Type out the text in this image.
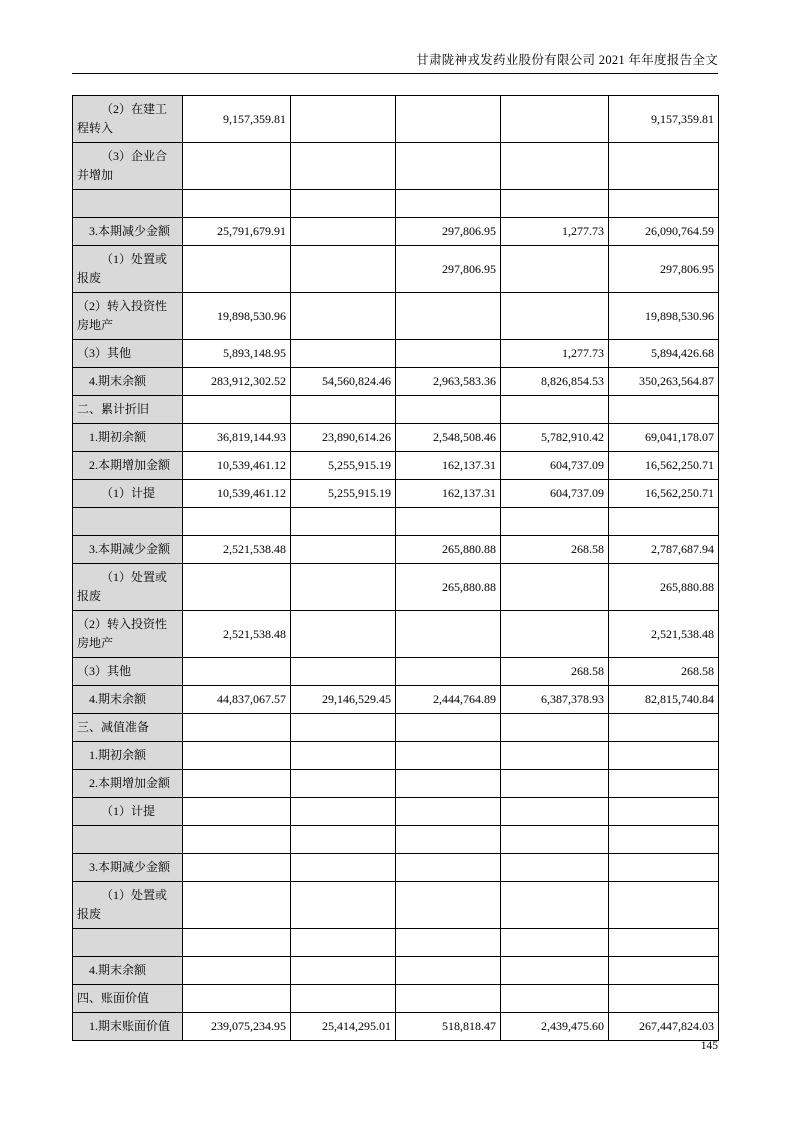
甘肃陇神戎发药业股份有限公司 2021 年年度报告全文
（2）在建工程转入	9,157,359.81				9,157,359.81
（3）企业合并增加					

3.本期减少金额	25,791,679.91		297,806.95	1,277.73	26,090,764.59
（1）处置或报废			297,806.95		297,806.95
（2）转入投资性房地产	19,898,530.96				19,898,530.96
（3）其他	5,893,148.95			1,277.73	5,894,426.68
4.期末余额	283,912,302.52	54,560,824.46	2,963,583.36	8,826,854.53	350,263,564.87
二、累计折旧					
1.期初余额	36,819,144.93	23,890,614.26	2,548,508.46	5,782,910.42	69,041,178.07
2.本期增加金额	10,539,461.12	5,255,915.19	162,137.31	604,737.09	16,562,250.71
（1）计提	10,539,461.12	5,255,915.19	162,137.31	604,737.09	16,562,250.71

3.本期减少金额	2,521,538.48		265,880.88	268.58	2,787,687.94
（1）处置或报废			265,880.88		265,880.88
（2）转入投资性房地产	2,521,538.48				2,521,538.48
（3）其他				268.58	268.58
4.期末余额	44,837,067.57	29,146,529.45	2,444,764.89	6,387,378.93	82,815,740.84
三、减值准备					
1.期初余额					
2.本期增加金额					
（1）计提					

3.本期减少金额					
（1）处置或报废					

4.期末余额					
四、账面价值					
1.期末账面价值	239,075,234.95	25,414,295.01	518,818.47	2,439,475.60	267,447,824.03
145
